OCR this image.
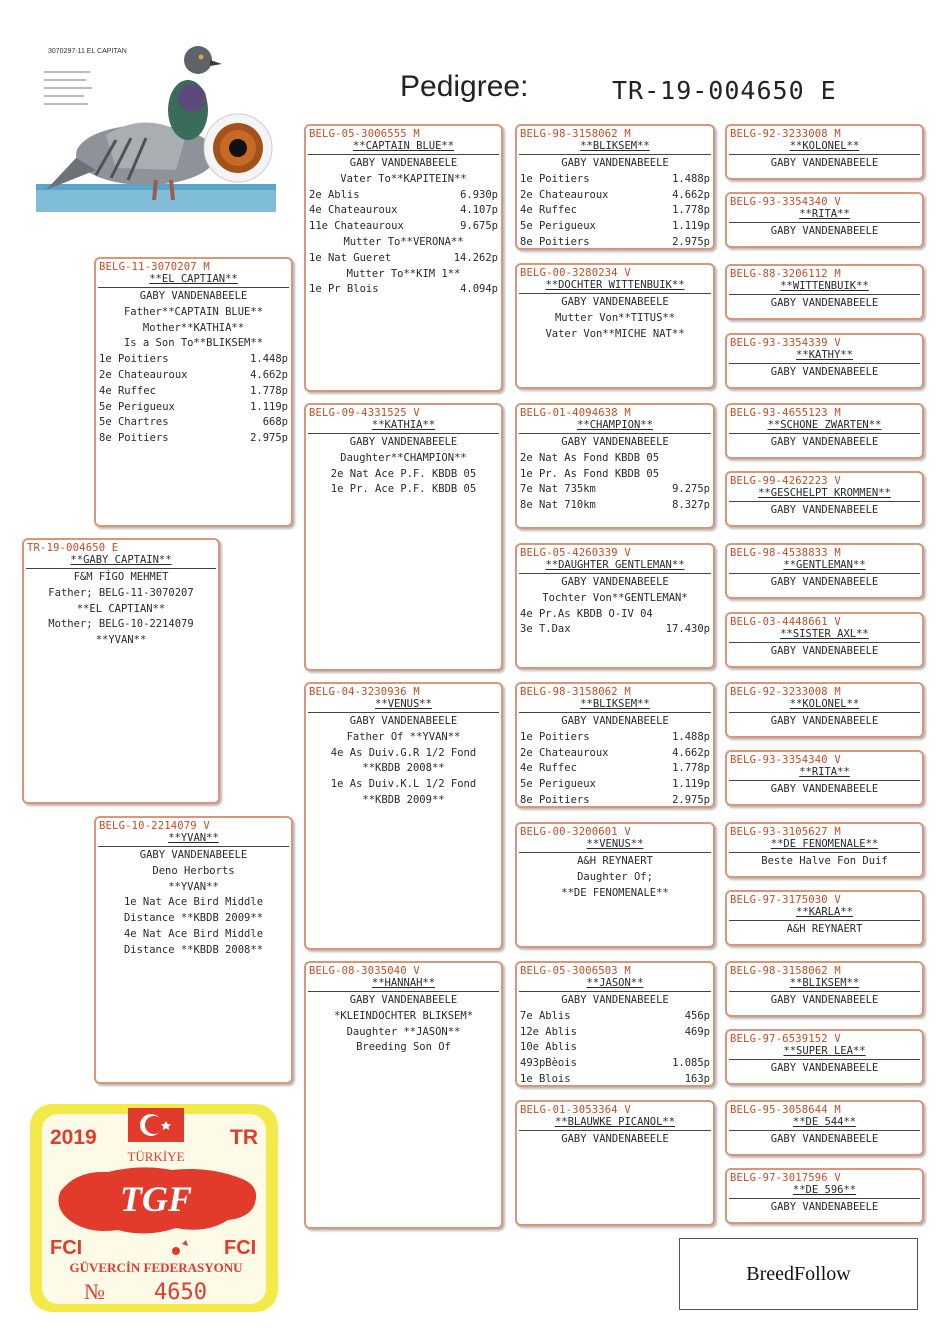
Pedigree:	TR-19-004650 E
3070297-11 EL CAPITAN
TR-19-004650 E
**GABY CAPTAIN**
F&M FİGO MEHMET
Father; BELG-11-3070207
**EL CAPTIAN**
Mother; BELG-10-2214079
**YVAN**
BELG-11-3070207 M
**EL CAPTIAN**
GABY VANDENABEELE
Father**CAPTAIN BLUE**
Mother**KATHIA**
Is a Son To**BLIKSEM**
1e Poitiers	1.448p
2e Chateauroux	4.662p
4e Ruffec	1.778p
5e Perigueux	1.119p
5e Chartres	668p
8e Poitiers	2.975p
BELG-10-2214079 V
**YVAN**
GABY VANDENABEELE
Deno Herborts
**YVAN**
1e Nat Ace Bird Middle
Distance **KBDB 2009**
4e Nat Ace Bird Middle
Distance **KBDB 2008**
BELG-05-3006555 M
**CAPTAIN BLUE**
GABY VANDENABEELE
Vater To**KAPITEIN**
2e Ablis	6.930p
4e Chateauroux	4.107p
11e Chateauroux	9.675p
Mutter To**VERONA**
1e Nat Gueret	14.262p
Mutter To**KIM 1**
1e Pr Blois	4.094p
BELG-09-4331525 V
**KATHIA**
GABY VANDENABEELE
Daughter**CHAMPION**
2e Nat Ace P.F. KBDB 05
1e Pr. Ace P.F. KBDB 05
BELG-04-3230936 M
**VENUS**
GABY VANDENABEELE
Father Of **YVAN**
4e As Duiv.G.R 1/2 Fond
**KBDB 2008**
1e As Duiv.K.L 1/2 Fond
**KBDB 2009**
BELG-08-3035040 V
**HANNAH**
GABY VANDENABEELE
*KLEINDOCHTER BLIKSEM*
Daughter **JASON**
Breeding Son Of
BELG-98-3158062 M
**BLIKSEM**
GABY VANDENABEELE
1e Poitiers	1.488p
2e Chateauroux	4.662p
4e Ruffec	1.778p
5e Perigueux	1.119p
8e Poitiers	2.975p
BELG-00-3280234 V
**DOCHTER WITTENBUIK**
GABY VANDENABEELE
Mutter Von**TITUS**
Vater Von**MICHE NAT**
BELG-01-4094638 M
**CHAMPION**
GABY VANDENABEELE
2e Nat As Fond KBDB 05	
1e Pr. As Fond KBDB 05	
7e Nat 735km	9.275p
8e Nat 710km	8.327p
BELG-05-4260339 V
**DAUGHTER GENTLEMAN**
GABY VANDENABEELE
Tochter Von**GENTLEMAN*
4e Pr.As KBDB O-IV 04	
3e T.Dax	17.430p
BELG-98-3158062 M
**BLIKSEM**
GABY VANDENABEELE
1e Poitiers	1.488p
2e Chateauroux	4.662p
4e Ruffec	1.778p
5e Perigueux	1.119p
8e Poitiers	2.975p
BELG-00-3200601 V
**VENUS**
A&H REYNAERT
Daughter Of;
**DE FENOMENALE**
BELG-05-3006503 M
**JASON**
GABY VANDENABEELE
7e Ablis	456p
12e Ablis	469p
10e Ablis	
493pBèois	1.085p
1e Blois	163p
BELG-01-3053364 V
**BLAUWKE PICANOL**
GABY VANDENABEELE
BELG-92-3233008 M
**KOLONEL**
GABY VANDENABEELE
BELG-93-3354340 V
**RITA**
GABY VANDENABEELE
BELG-88-3206112 M
**WITTENBUIK**
GABY VANDENABEELE
BELG-93-3354339 V
**KATHY**
GABY VANDENABEELE
BELG-93-4655123 M
**SCHONE ZWARTEN**
GABY VANDENABEELE
BELG-99-4262223 V
**GESCHELPT KROMMEN**
GABY VANDENABEELE
BELG-98-4538833 M
**GENTLEMAN**
GABY VANDENABEELE
BELG-03-4448661 V
**SISTER AXL**
GABY VANDENABEELE
BELG-92-3233008 M
**KOLONEL**
GABY VANDENABEELE
BELG-93-3354340 V
**RITA**
GABY VANDENABEELE
BELG-93-3105627 M
**DE FENOMENALE**
Beste Halve Fon Duif
BELG-97-3175030 V
**KARLA**
A&H REYNAERT
BELG-98-3158062 M
**BLIKSEM**
GABY VANDENABEELE
BELG-97-6539152 V
**SUPER LEA**
GABY VANDENABEELE
BELG-95-3058644 M
**DE 544**
GABY VANDENABEELE
BELG-97-3017596 V
**DE 596**
GABY VANDENABEELE
2019	TR
TÜRKİYE
TGF
FCI	FCI
GÜVERCİN FEDERASYONU
№ 4650
BreedFollow
